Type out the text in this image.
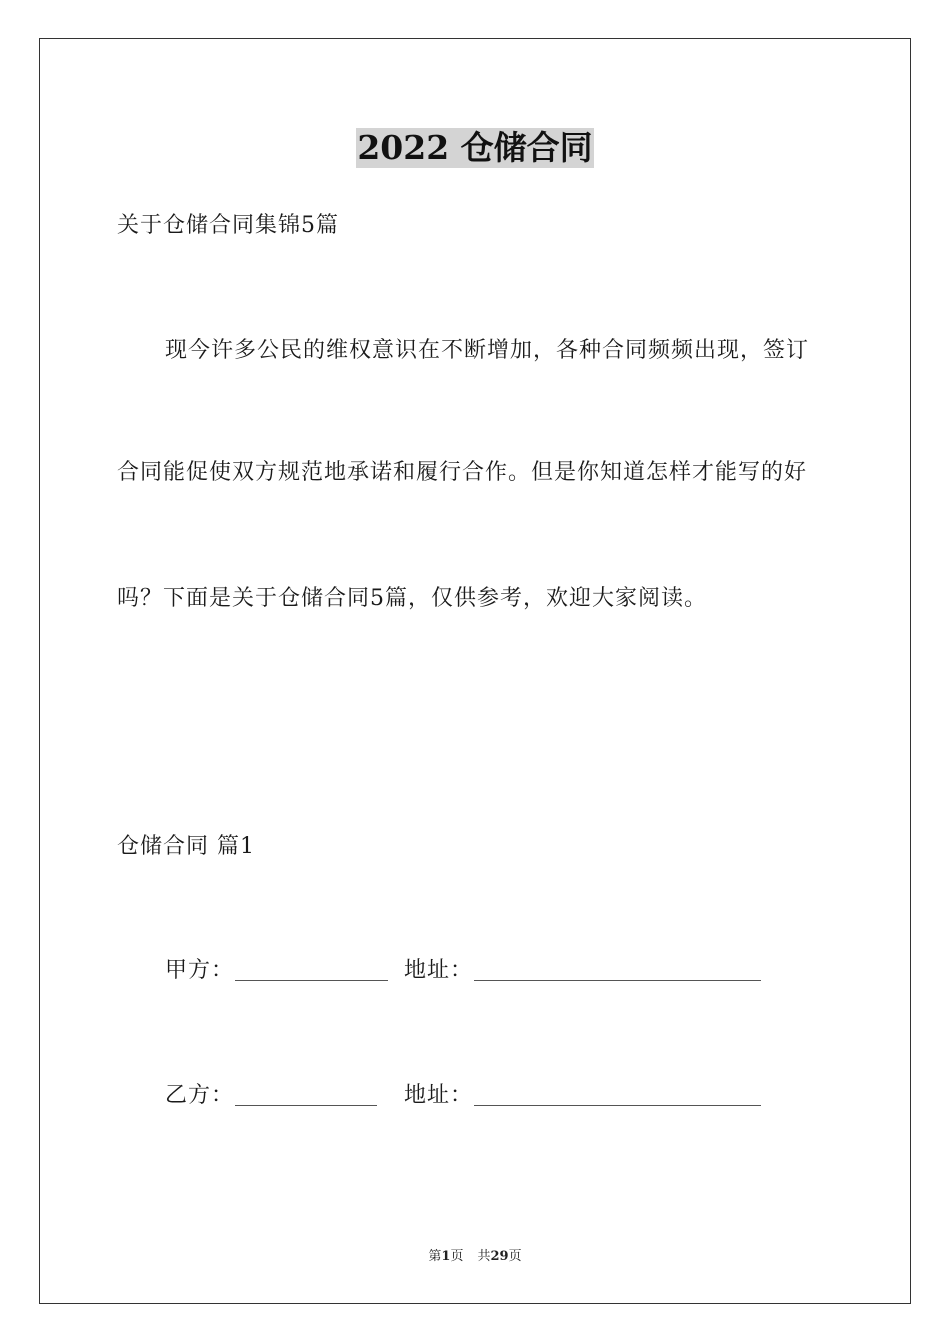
2022 仓储合同
关于仓储合同集锦5篇
现今许多公民的维权意识在不断增加，各种合同频频出现，签订
合同能促使双方规范地承诺和履行合作。但是你知道怎样才能写的好
吗？下面是关于仓储合同5篇，仅供参考，欢迎大家阅读。
仓储合同 篇1
甲方：	地址：
乙方：	地址：
第1页 共29页
